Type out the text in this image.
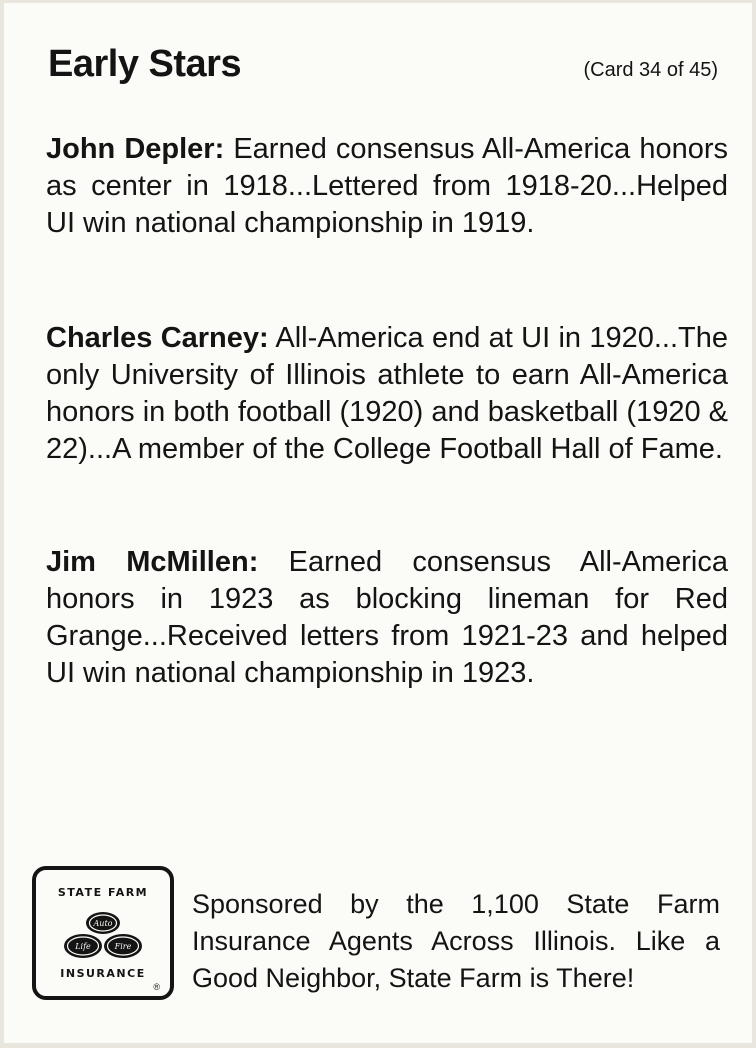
Early Stars	(Card 34 of 45)
John Depler: Earned consensus All-America honors as center in 1918...Lettered from 1918-20...Helped UI win national championship in 1919.
Charles Carney: All-America end at UI in 1920...The only University of Illinois athlete to earn All-America honors in both football (1920) and basketball (1920 & 22)...A member of the College Football Hall of Fame.
Jim McMillen: Earned consensus All-America honors in 1923 as blocking lineman for Red Grange...Received letters from 1921-23 and helped UI win national championship in 1923.
STATE FARM
Auto
Life	Fire
INSURANCE
®
Sponsored by the 1,100 State Farm Insurance Agents Across Illinois. Like a Good Neighbor, State Farm is There!
